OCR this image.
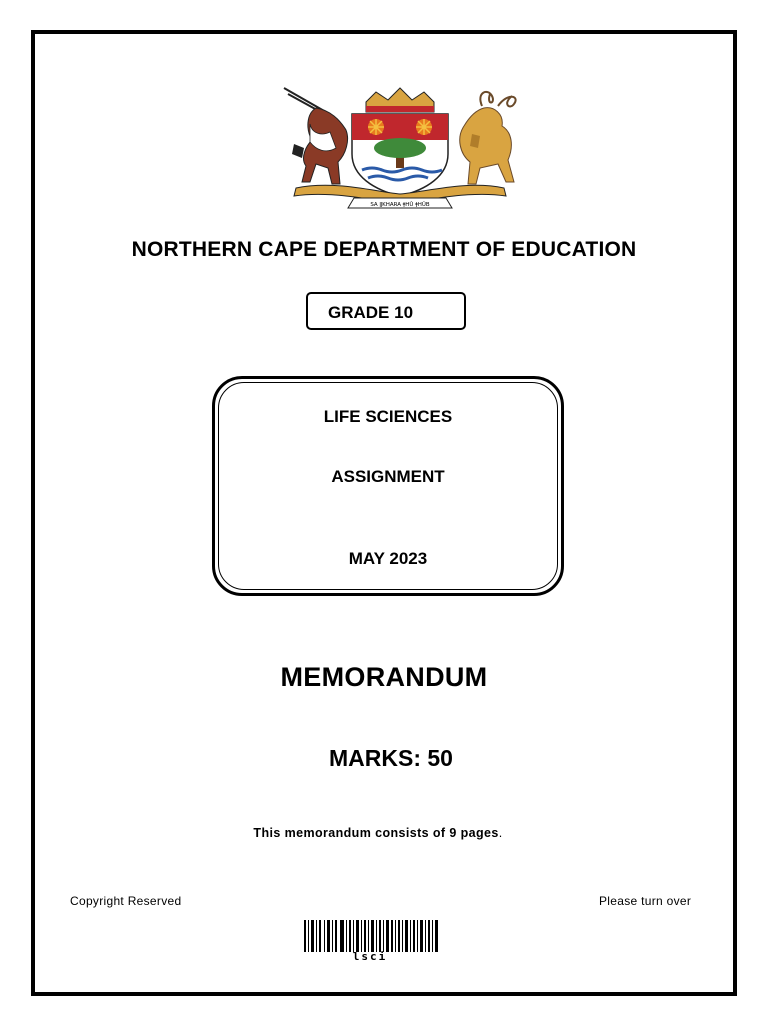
SA ǁKHARA ǂHÛ ǂHÛB
NORTHERN CAPE DEPARTMENT OF EDUCATION
GRADE 10
LIFE SCIENCES
ASSIGNMENT
MAY 2023
MEMORANDUM
MARKS: 50
This memorandum consists of 9 pages.
Copyright Reserved	Please turn over
lsci
